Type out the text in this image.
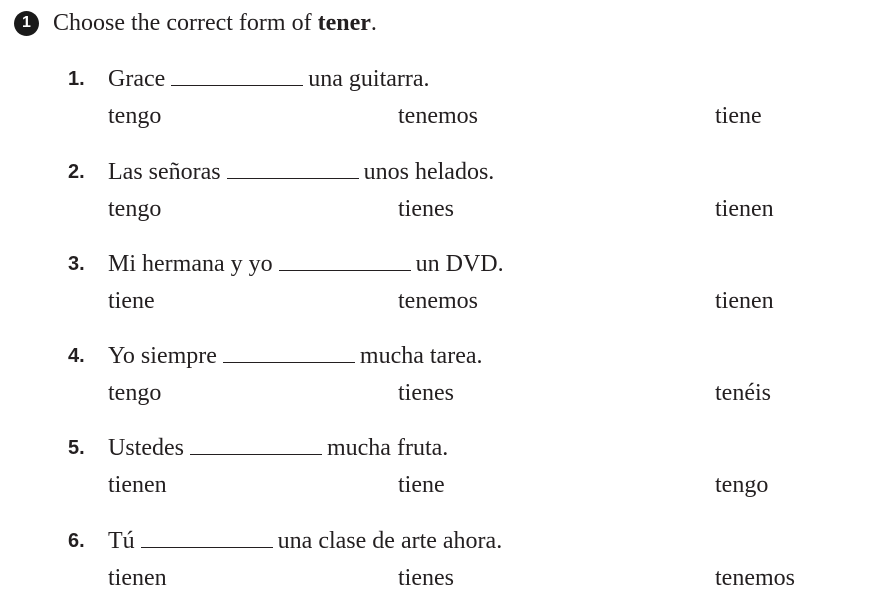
1 Choose the correct form of tener.
1. Grace	una guitarra.
tengo	tenemos	tiene
2. Las señoras	unos helados.
tengo	tienes	tienen
3. Mi hermana y yo	un DVD.
tiene	tenemos	tienen
4. Yo siempre	mucha tarea.
tengo	tienes	tenéis
5. Ustedes	mucha fruta.
tienen	tiene	tengo
6. Tú	una clase de arte ahora.
tienen	tienes	tenemos
